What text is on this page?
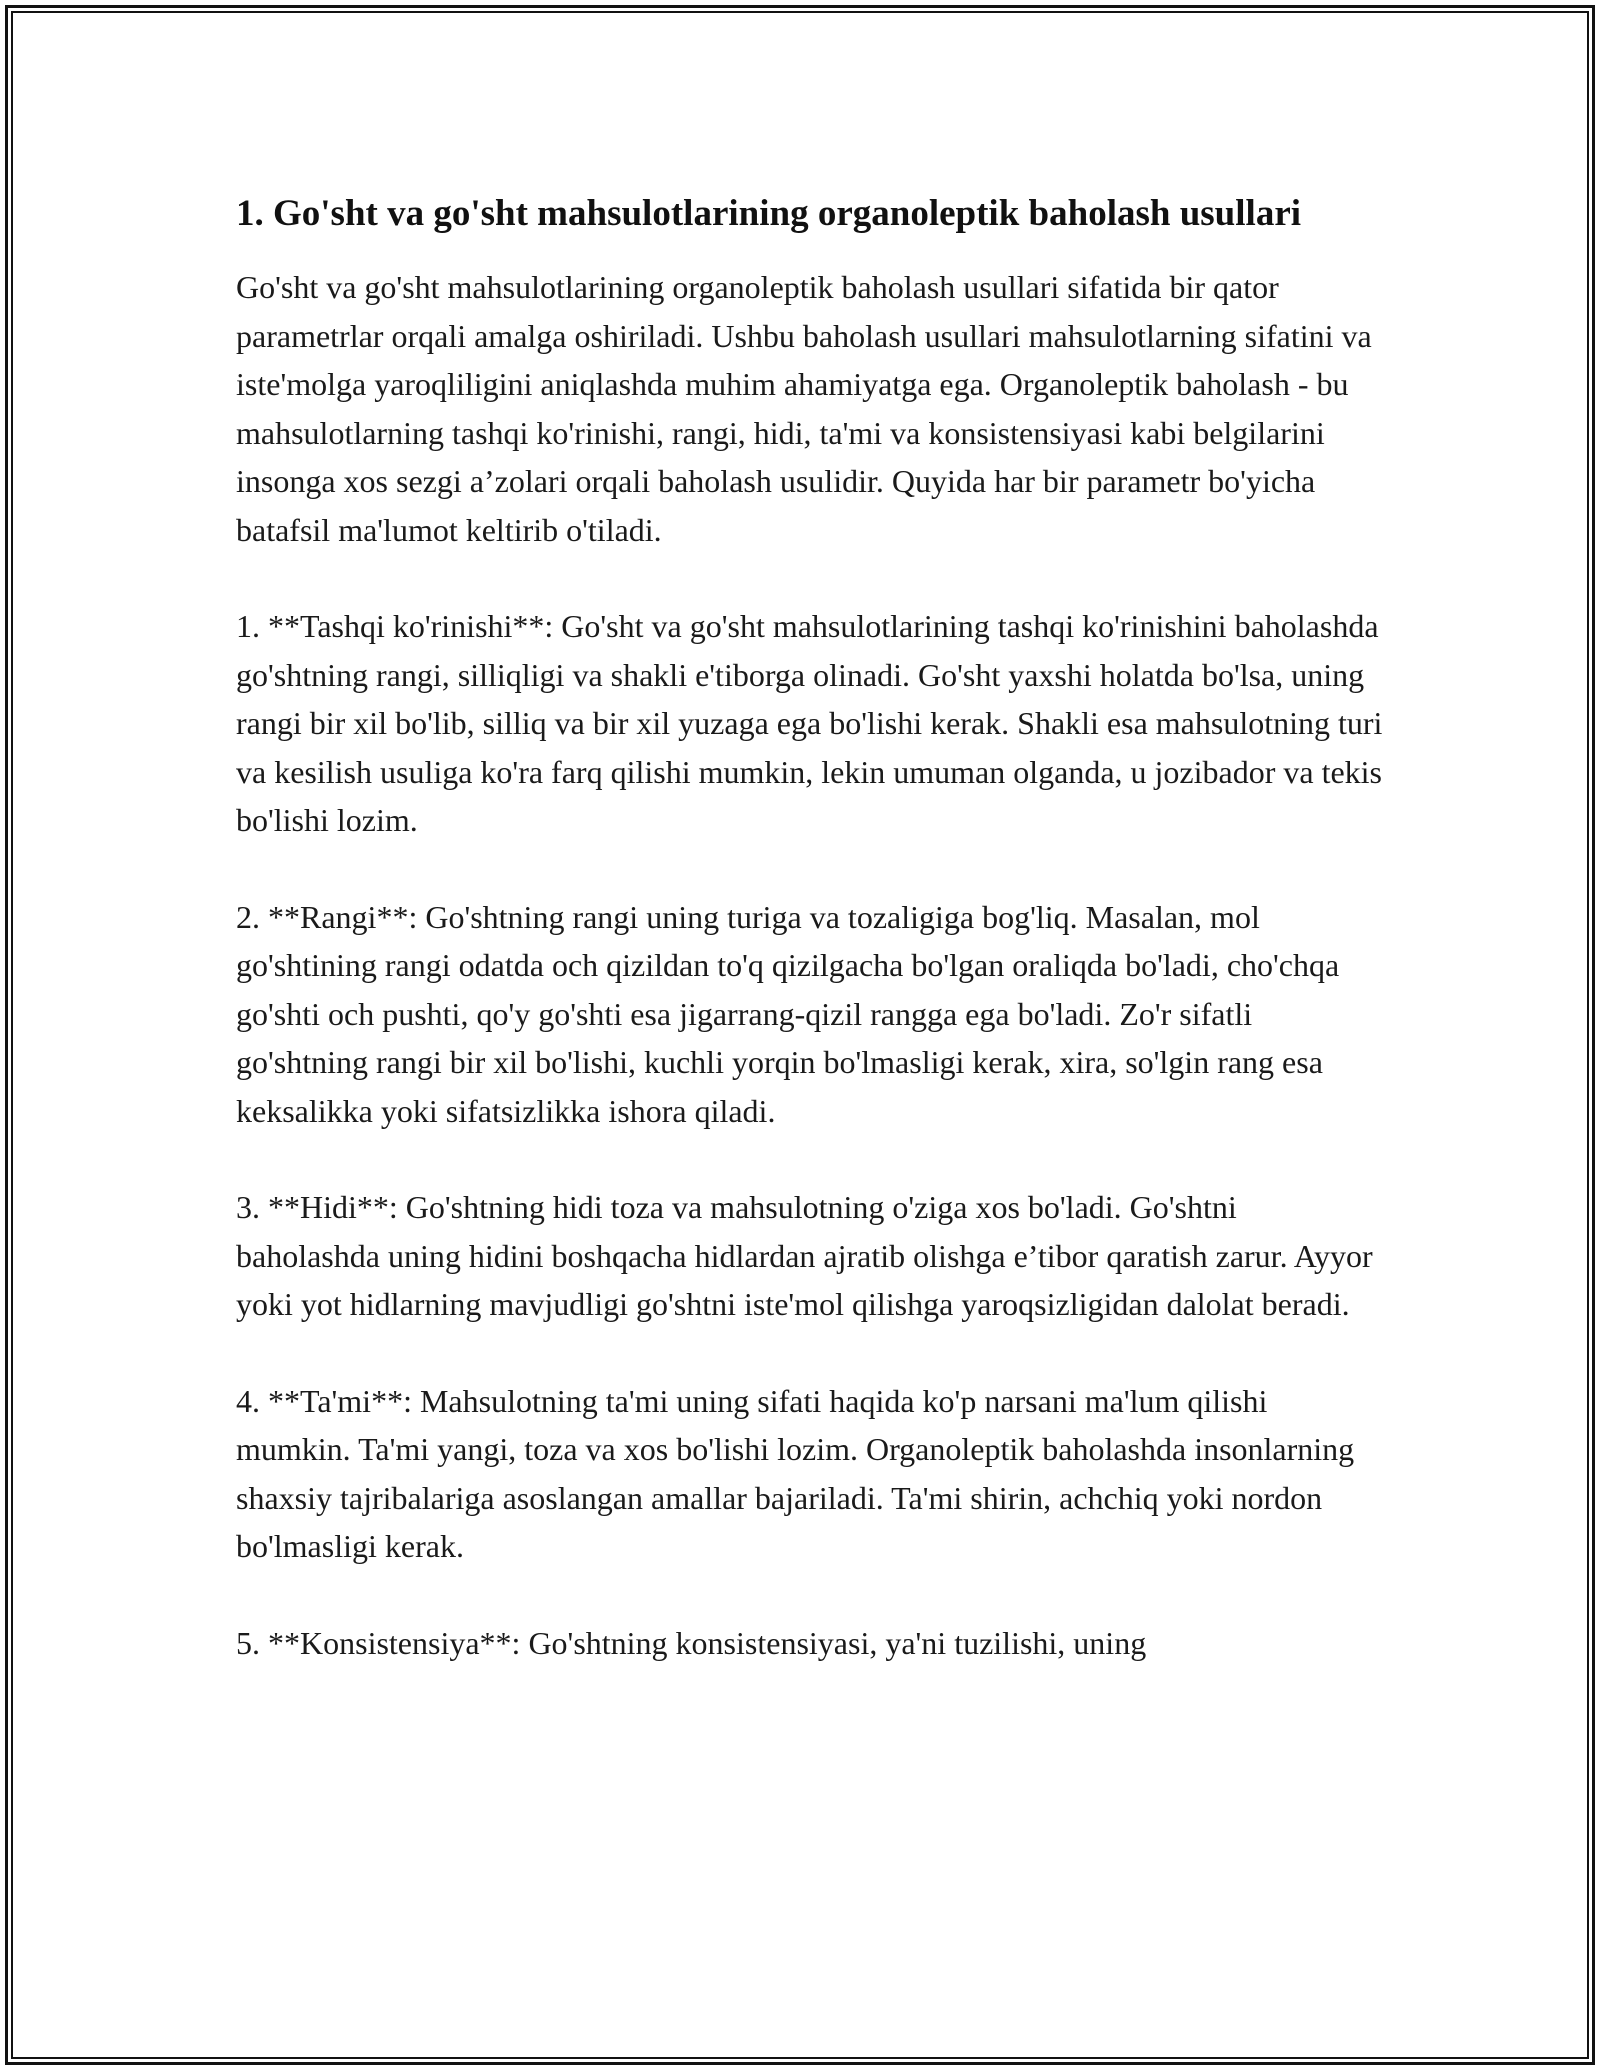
1. Go'sht va go'sht mahsulotlarining organoleptik baholash usullari

Go'sht va go'sht mahsulotlarining organoleptik baholash usullari sifatida bir qator parametrlar orqali amalga oshiriladi. Ushbu baholash usullari mahsulotlarning sifatini va iste'molga yaroqliligini aniqlashda muhim ahamiyatga ega. Organoleptik baholash - bu mahsulotlarning tashqi ko'rinishi, rangi, hidi, ta'mi va konsistensiyasi kabi belgilarini insonga xos sezgi a’zolari orqali baholash usulidir. Quyida har bir parametr bo'yicha batafsil ma'lumot keltirib o'tiladi.

1. **Tashqi ko'rinishi**: Go'sht va go'sht mahsulotlarining tashqi ko'rinishini baholashda go'shtning rangi, silliqligi va shakli e'tiborga olinadi. Go'sht yaxshi holatda bo'lsa, uning rangi bir xil bo'lib, silliq va bir xil yuzaga ega bo'lishi kerak. Shakli esa mahsulotning turi va kesilish usuliga ko'ra farq qilishi mumkin, lekin umuman olganda, u jozibador va tekis bo'lishi lozim.

2. **Rangi**: Go'shtning rangi uning turiga va tozaligiga bog'liq. Masalan, mol go'shtining rangi odatda och qizildan to'q qizilgacha bo'lgan oraliqda bo'ladi, cho'chqa go'shti och pushti, qo'y go'shti esa jigarrang-qizil rangga ega bo'ladi. Zo'r sifatli go'shtning rangi bir xil bo'lishi, kuchli yorqin bo'lmasligi kerak, xira, so'lgin rang esa keksalikka yoki sifatsizlikka ishora qiladi.

3. **Hidi**: Go'shtning hidi toza va mahsulotning o'ziga xos bo'ladi. Go'shtni baholashda uning hidini boshqacha hidlardan ajratib olishga e’tibor qaratish zarur. Ayyor yoki yot hidlarning mavjudligi go'shtni iste'mol qilishga yaroqsizligidan dalolat beradi.

4. **Ta'mi**: Mahsulotning ta'mi uning sifati haqida ko'p narsani ma'lum qilishi mumkin. Ta'mi yangi, toza va xos bo'lishi lozim. Organoleptik baholashda insonlarning shaxsiy tajribalariga asoslangan amallar bajariladi. Ta'mi shirin, achchiq yoki nordon bo'lmasligi kerak.

5. **Konsistensiya**: Go'shtning konsistensiyasi, ya'ni tuzilishi, uning
